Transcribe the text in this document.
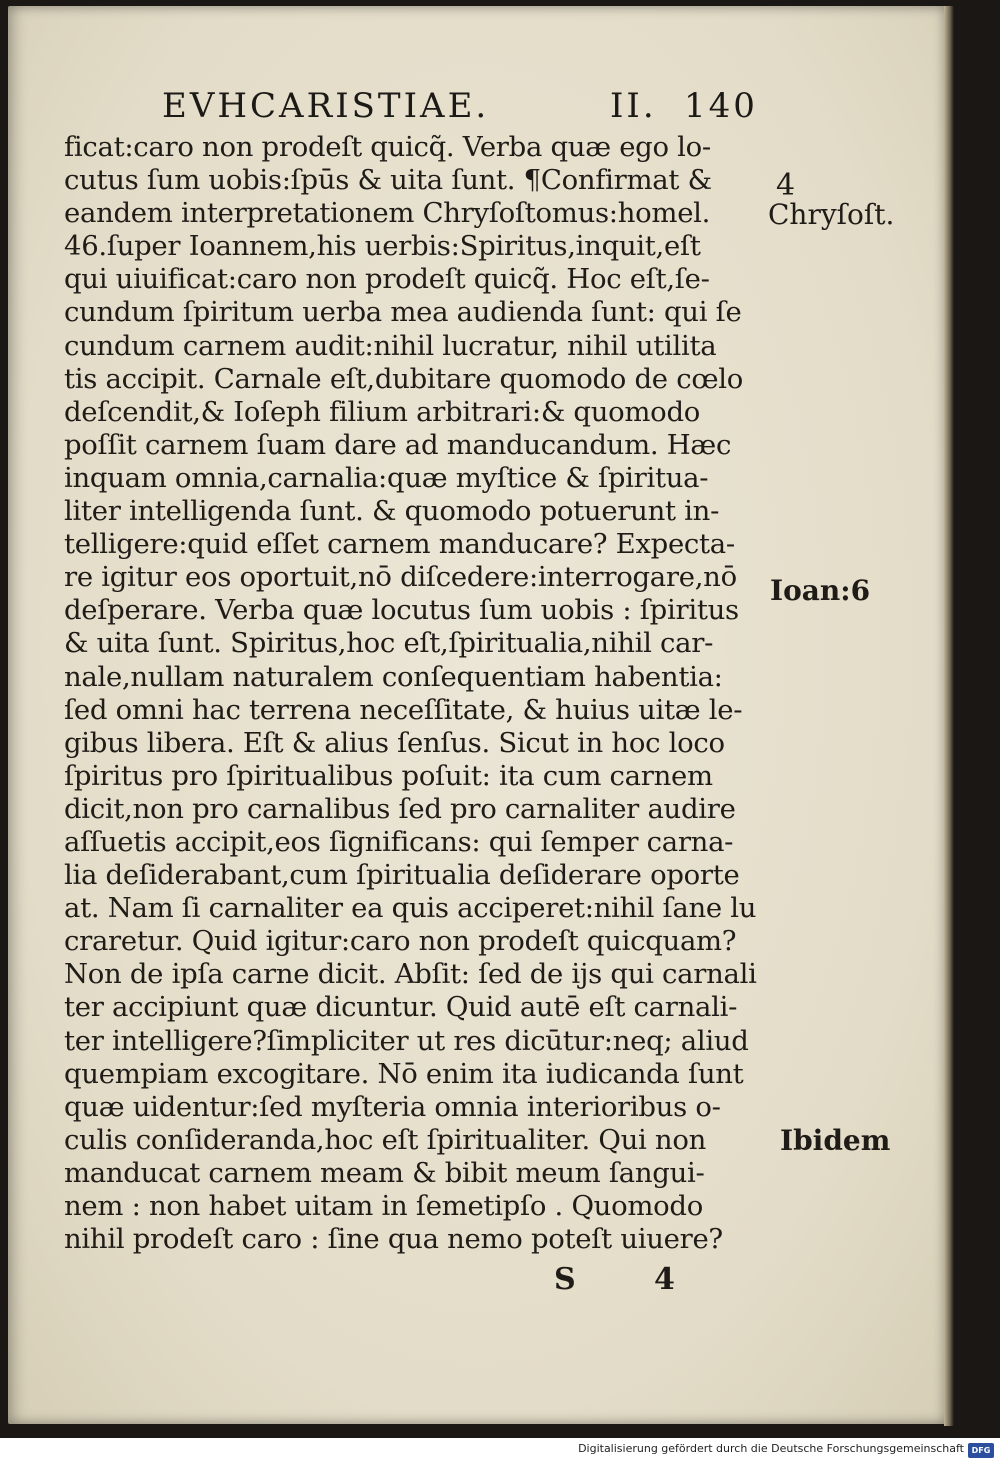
EVHCARISTIAE.	II. 140
ficat:caro non prodeſt quicq̃. Verba quæ ego lo-
cutus ſum uobis:ſpūs & uita ſunt. ¶Confirmat &
eandem interpretationem Chryſoſtomus:homel.
46.ſuper Ioannem,his uerbis:Spiritus,inquit,eſt
qui uiuificat:caro non prodeſt quicq̃. Hoc eſt,ſe-
cundum ſpiritum uerba mea audienda ſunt: qui ſe
cundum carnem audit:nihil lucratur, nihil utilita
tis accipit. Carnale eſt,dubitare quomodo de cœlo
deſcendit,& Ioſeph filium arbitrari:& quomodo
poſſit carnem ſuam dare ad manducandum. Hæc
inquam omnia,carnalia:quæ myſtice & ſpiritua-
liter intelligenda ſunt. & quomodo potuerunt in-
telligere:quid eſſet carnem manducare? Expecta-
re igitur eos oportuit,nō diſcedere:interrogare,nō
deſperare. Verba quæ locutus ſum uobis : ſpiritus
& uita ſunt. Spiritus,hoc eſt,ſpiritualia,nihil car-
nale,nullam naturalem conſequentiam habentia:
ſed omni hac terrena neceſſitate, & huius uitæ le-
gibus libera. Eſt & alius ſenſus. Sicut in hoc loco
ſpiritus pro ſpiritualibus poſuit: ita cum carnem
dicit,non pro carnalibus ſed pro carnaliter audire
aſſuetis accipit,eos ſignificans: qui ſemper carna-
lia deſiderabant,cum ſpiritualia deſiderare oporte
at. Nam ſi carnaliter ea quis acciperet:nihil ſane lu
craretur. Quid igitur:caro non prodeſt quicquam?
Non de ipſa carne dicit. Abſit: ſed de ijs qui carnali
ter accipiunt quæ dicuntur. Quid autē eſt carnali-
ter intelligere?ſimpliciter ut res dicūtur:neq; aliud
quempiam excogitare. Nō enim ita iudicanda ſunt
quæ uidentur:ſed myſteria omnia interioribus o-
culis conſideranda,hoc eſt ſpiritualiter. Qui non
manducat carnem meam & bibit meum ſangui-
nem : non habet uitam in ſemetipſo . Quomodo
nihil prodeſt caro : ſine qua nemo poteſt uiuere?
4
Chryſoſt.
Ioan:6
Ibidem
S	4
Digitalisierung gefördert durch die Deutsche Forschungsgemeinschaft DFG
